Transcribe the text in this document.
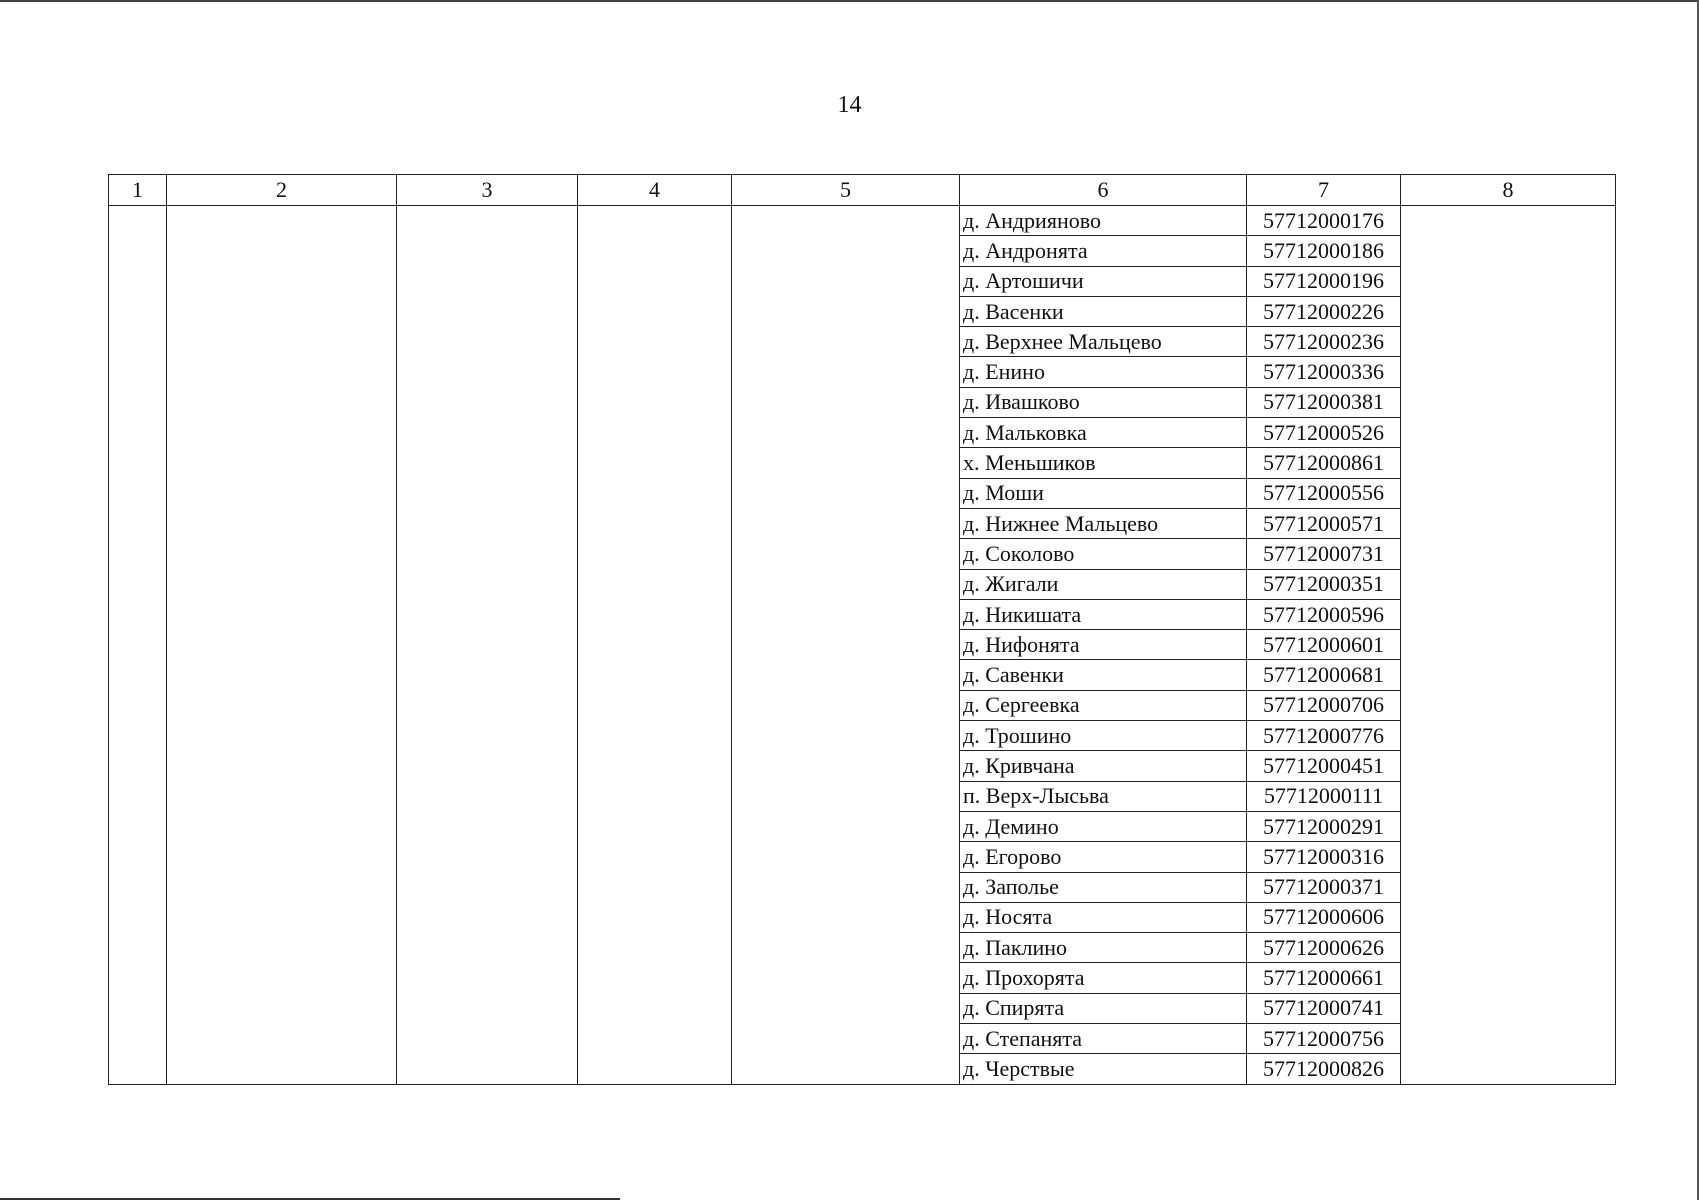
14
1	2	3	4	5	6	7	8
					д. Андрияново	57712000176	
					д. Андронята	57712000186	
					д. Артошичи	57712000196	
					д. Васенки	57712000226	
					д. Верхнее Мальцево	57712000236	
					д. Енино	57712000336	
					д. Ивашково	57712000381	
					д. Мальковка	57712000526	
					х. Меньшиков	57712000861	
					д. Моши	57712000556	
					д. Нижнее Мальцево	57712000571	
					д. Соколово	57712000731	
					д. Жигали	57712000351	
					д. Никишата	57712000596	
					д. Нифонята	57712000601	
					д. Савенки	57712000681	
					д. Сергеевка	57712000706	
					д. Трошино	57712000776	
					д. Кривчана	57712000451	
					п. Верх-Лысьва	57712000111	
					д. Демино	57712000291	
					д. Егорово	57712000316	
					д. Заполье	57712000371	
					д. Носята	57712000606	
					д. Паклино	57712000626	
					д. Прохорята	57712000661	
					д. Спирята	57712000741	
					д. Степанята	57712000756	
					д. Черствые	57712000826	
